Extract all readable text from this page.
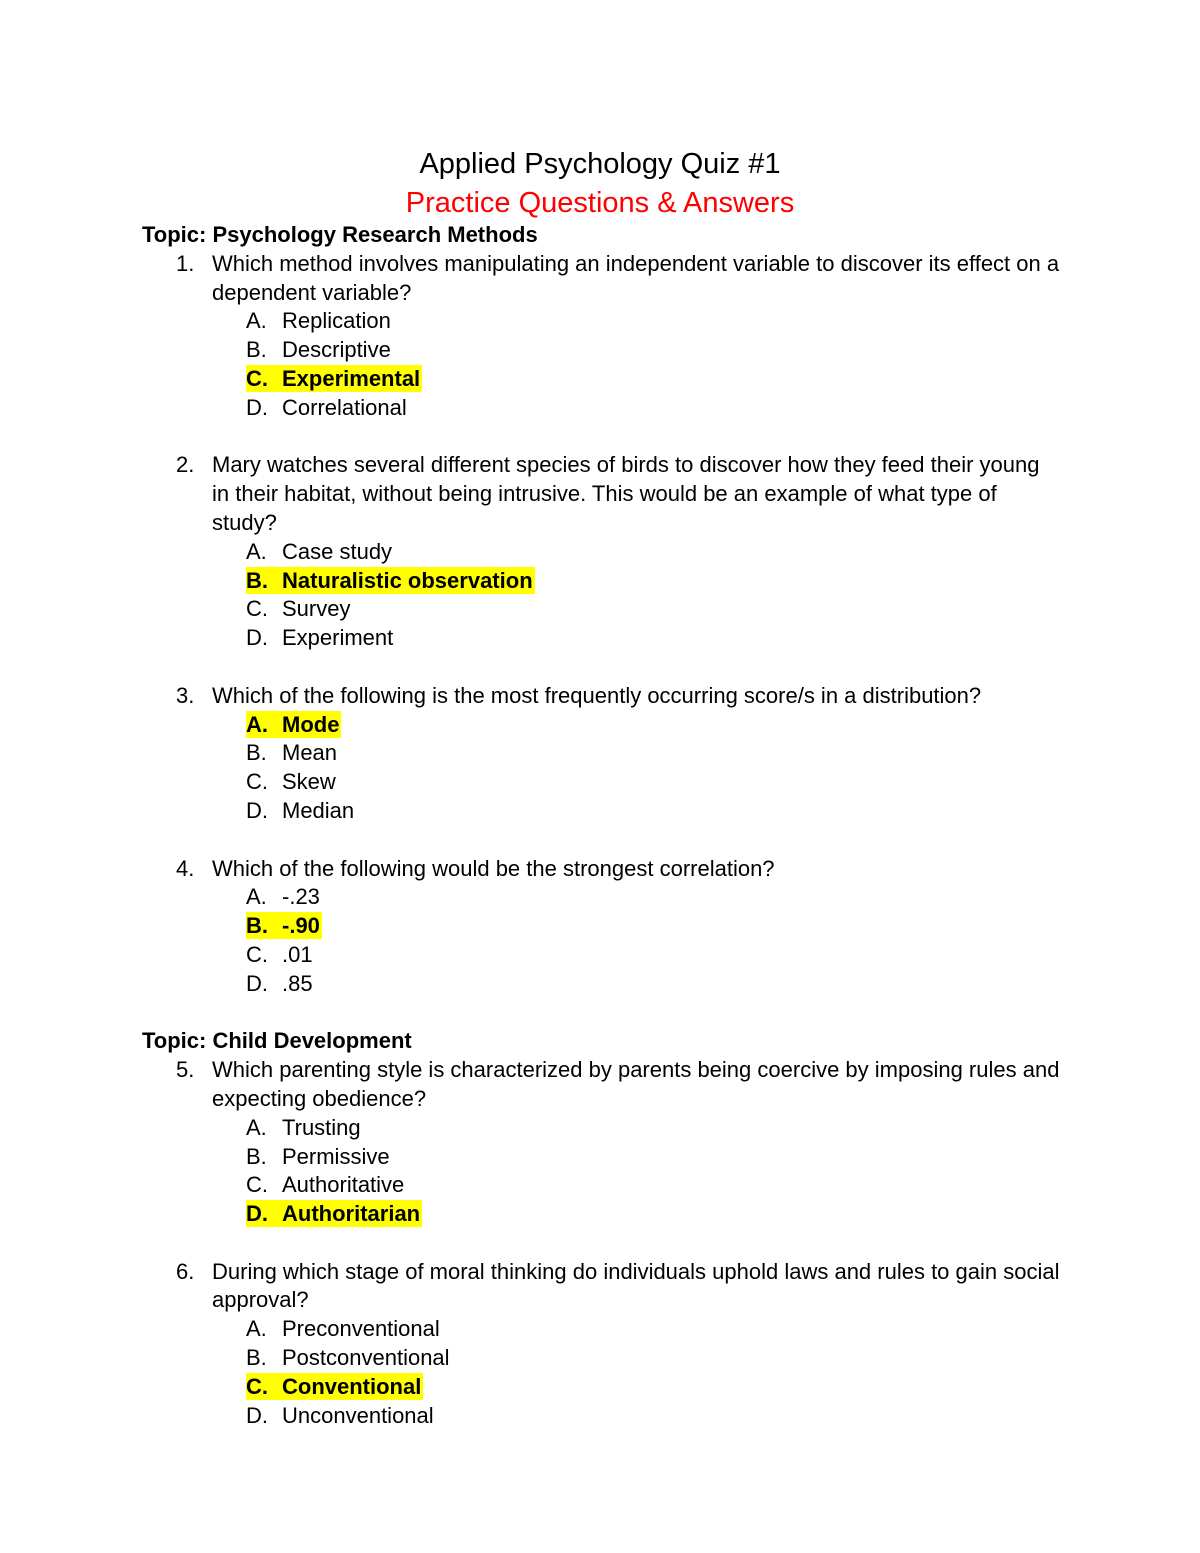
Applied Psychology Quiz #1
Practice Questions & Answers
Topic: Psychology Research Methods
1. Which method involves manipulating an independent variable to discover its effect on a dependent variable?
A. Replication
B. Descriptive
C. Experimental
D. Correlational
2. Mary watches several different species of birds to discover how they feed their young in their habitat, without being intrusive. This would be an example of what type of study?
A. Case study
B. Naturalistic observation
C. Survey
D. Experiment
3. Which of the following is the most frequently occurring score/s in a distribution?
A. Mode
B. Mean
C. Skew
D. Median
4. Which of the following would be the strongest correlation?
A. -.23
B. -.90
C. .01
D. .85
Topic: Child Development
5. Which parenting style is characterized by parents being coercive by imposing rules and expecting obedience?
A. Trusting
B. Permissive
C. Authoritative
D. Authoritarian
6. During which stage of moral thinking do individuals uphold laws and rules to gain social approval?
A. Preconventional
B. Postconventional
C. Conventional
D. Unconventional
